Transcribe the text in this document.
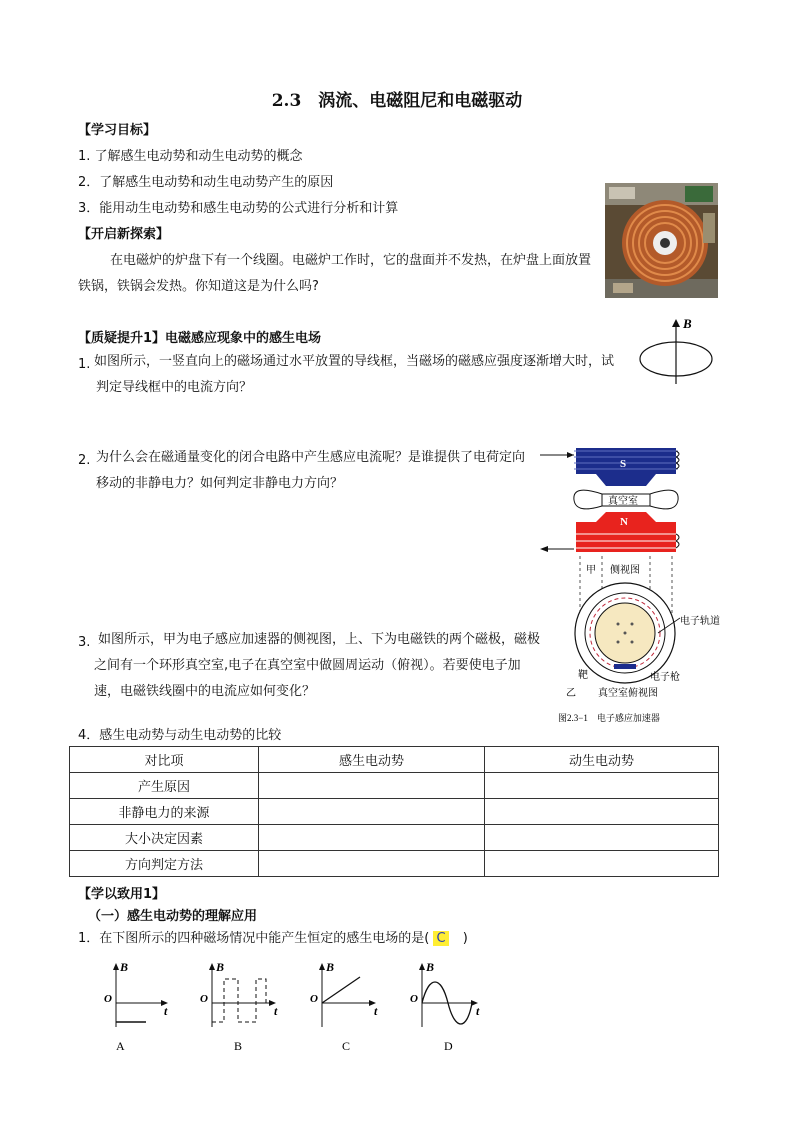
2.3　涡流、电磁阻尼和电磁驱动
【学习目标】
1. 了解感生电动势和动生电动势的概念
2．了解感生电动势和动生电动势产生的原因
3．能用动生电动势和感生电动势的公式进行分析和计算
【开启新探索】
在电磁炉的炉盘下有一个线圈。电磁炉工作时，它的盘面并不发热，在炉盘上面放置铁锅，铁锅会发热。你知道这是为什么吗?
【质疑提升1】电磁感应现象中的感生电场
1. 如图所示，一竖直向上的磁场通过水平放置的导线框，当磁场的磁感应强度逐渐增大时，试判定导线框中的电流方向？
B
2. 为什么会在磁通量变化的闭合电路中产生感应电流呢？是谁提供了电荷定向移动的非静电力？如何判定非静电力方向？
S
真空室
N
甲 侧视图
电子轨道
靶	电子枪
乙 真空室俯视图
图2.3−1　电子感应加速器
3. 如图所示，甲为电子感应加速器的侧视图，上、下为电磁铁的两个磁极，磁极之间有一个环形真空室,电子在真空室中做圆周运动（俯视）。若要使电子加速，电磁铁线圈中的电流应如何变化？
4．感生电动势与动生电动势的比较
对比项	感生电动势	动生电动势
产生原因		
非静电力的来源		
大小决定因素		
方向判定方法		
【学以致用1】
（一）感生电动势的理解应用
1．在下图所示的四种磁场情况中能产生恒定的感生电场的是( C )
B
O
t
A
B
O
t
B
B
O
t
C
B
O
t
D
